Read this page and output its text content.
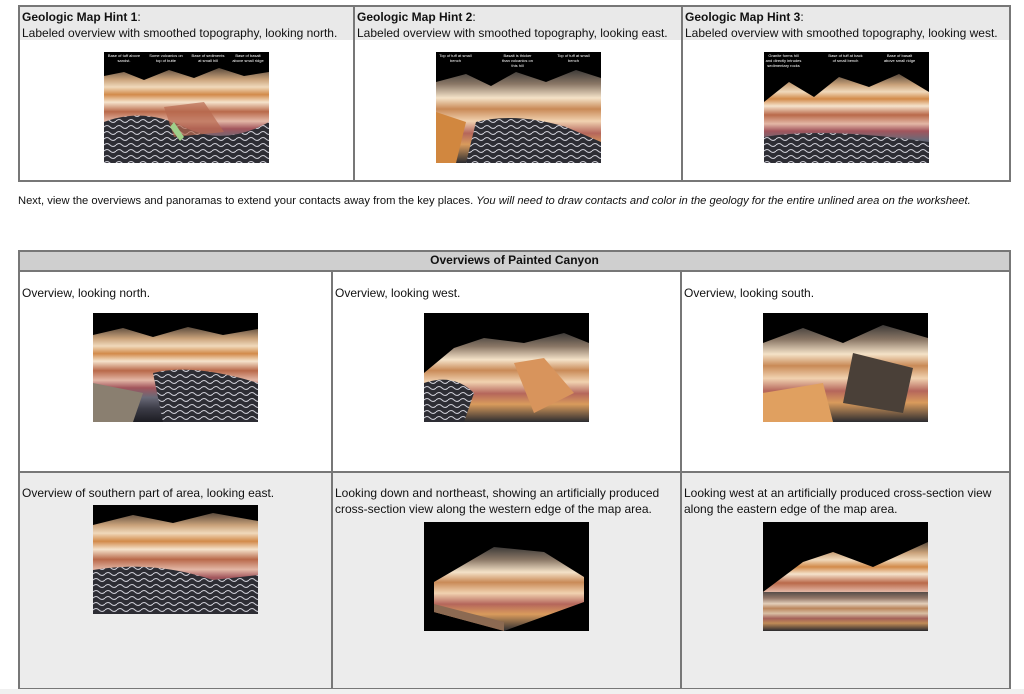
Geologic Map Hint 1:
Labeled overview with smoothed topography, looking north.
Base of tuff above sandst.
Some volcanics on top of butte
Base of sediments at small hill
Base of basalt above small ridge

Geologic Map Hint 2:
Labeled overview with smoothed topography, looking east.
Top of tuff at small bench
Basalt is thicker than volcanics on this hill
Top of tuff at small bench

Geologic Map Hint 3:
Labeled overview with smoothed topography, looking west.
Granite forms hill and directly intrudes sedimentary rocks
Base of tuff at back of small bench
Base of basalt above small ridge
Next, view the overviews and panoramas to extend your contacts away from the key places. You will need to draw contacts and color in the geology for the entire unlined area on the worksheet.
Overviews of Painted Canyon		

Overview, looking north.	Overview, looking west.	Overview, looking south.

Overview of southern part of area, looking east.	Looking down and northeast, showing an artificially produced cross-section view along the western edge of the map area.	Looking west at an artificially produced cross-section view along the eastern edge of the map area.
